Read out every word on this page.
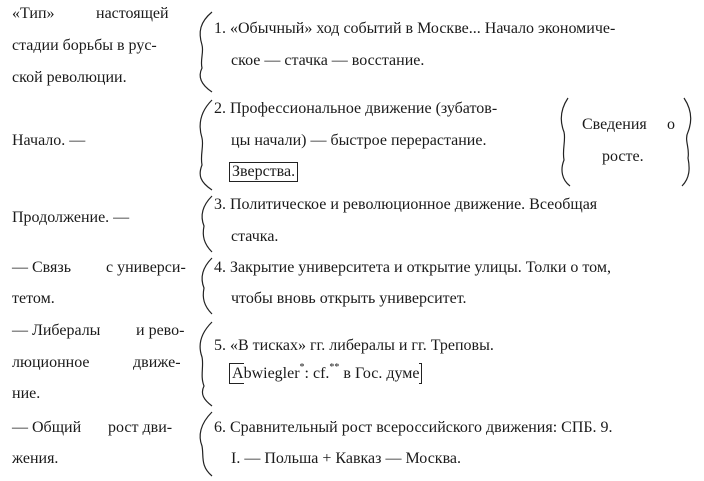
«Тип»	настоящей
стадии борьбы в рус-
ской революции.
1. «Обычный» ход событий в Москве... Начало экономиче-
ское — стачка — восстание.
Начало. —
2. Профессиональное движение (зубатов-
цы начали) — быстрое перерастание.
Зверства.
Сведения о
росте.
Продолжение. —
3. Политическое и революционное движение. Всеобщая
стачка.
— Связь с универси-
тетом.
4. Закрытие университета и открытие улицы. Толки о том,
чтобы вновь открыть университет.
— Либералы и рево-
люционное	движе-
ние.
5. «В тисках» гг. либералы и гг. Треповы.
Abwiegler*: cf.** в Гос. думе
— Общий рост дви-
жения.
6. Сравнительный рост всероссийского движения: СПБ. 9.
I. — Польша + Кавказ — Москва.
